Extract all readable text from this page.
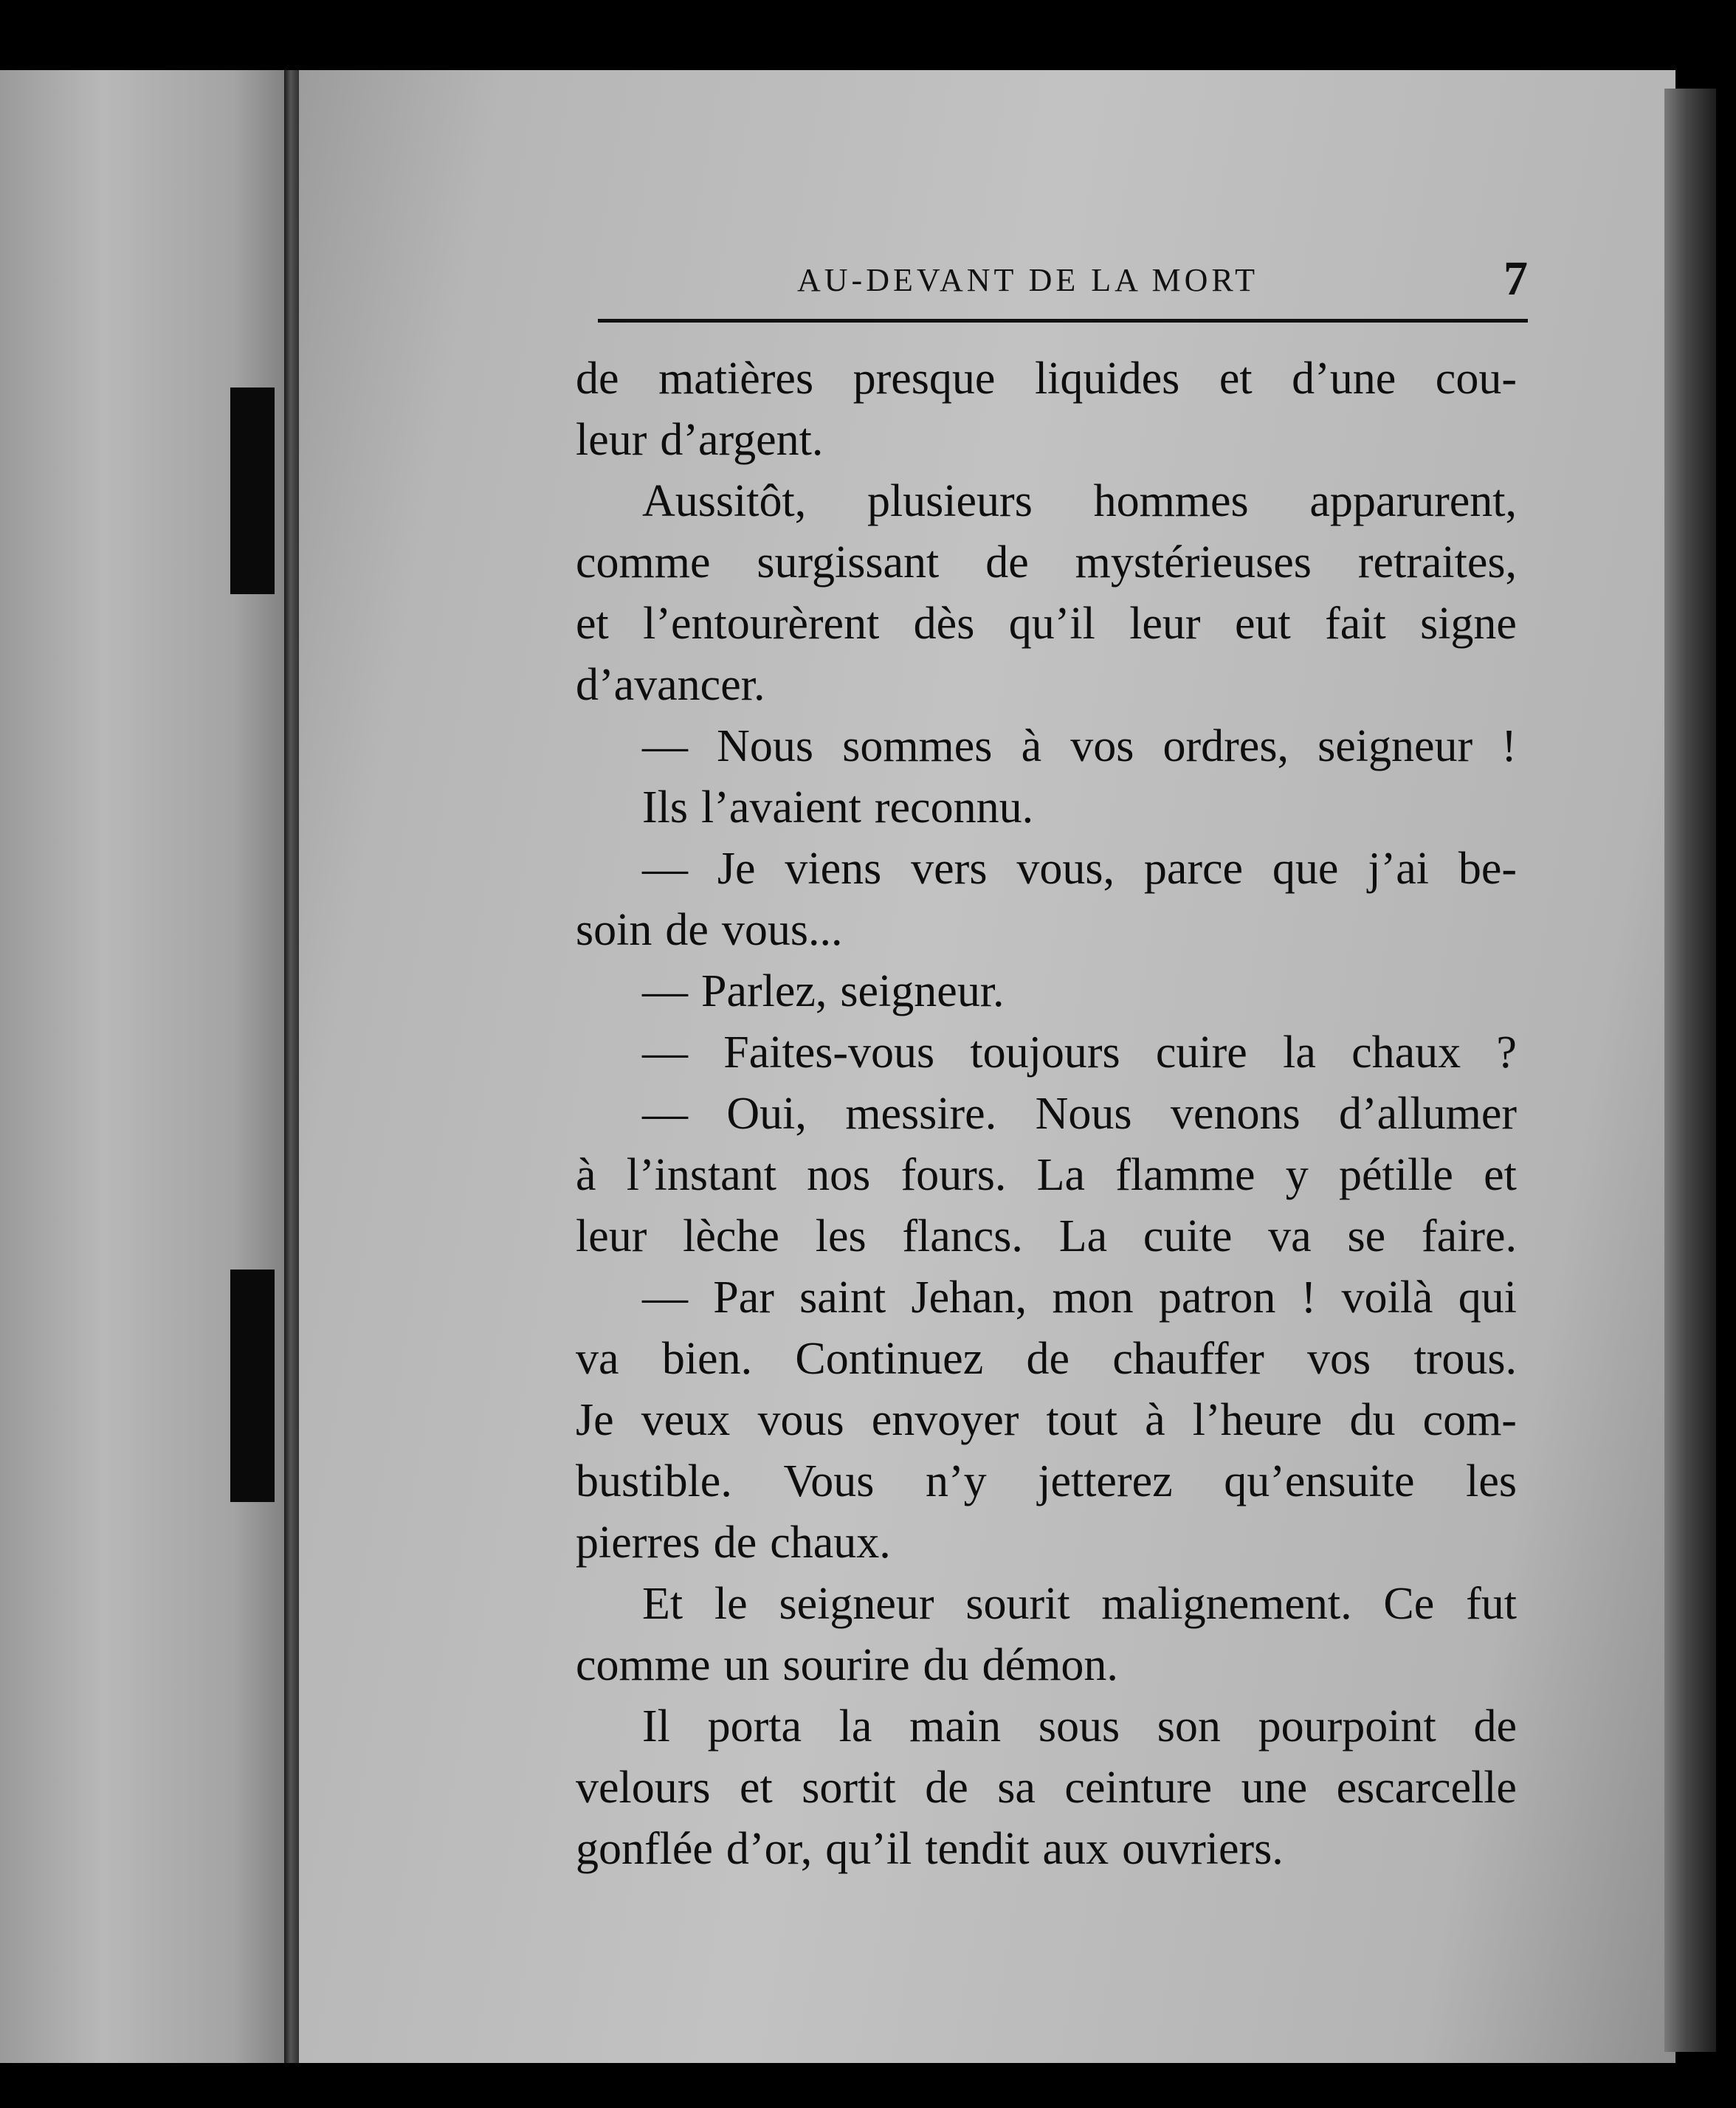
AU-DEVANT DE LA MORT	7
de matières presque liquides et d’une cou-
leur d’argent.
Aussitôt, plusieurs hommes apparurent,
comme surgissant de mystérieuses retraites,
et l’entourèrent dès qu’il leur eut fait signe
d’avancer.
— Nous sommes à vos ordres, seigneur !
Ils l’avaient reconnu.
— Je viens vers vous, parce que j’ai be-
soin de vous...
— Parlez, seigneur.
— Faites-vous toujours cuire la chaux ?
— Oui, messire. Nous venons d’allumer
à l’instant nos fours. La flamme y pétille et
leur lèche les flancs. La cuite va se faire.
— Par saint Jehan, mon patron ! voilà qui
va bien. Continuez de chauffer vos trous.
Je veux vous envoyer tout à l’heure du com-
bustible. Vous n’y jetterez qu’ensuite les
pierres de chaux.
Et le seigneur sourit malignement. Ce fut
comme un sourire du démon.
Il porta la main sous son pourpoint de
velours et sortit de sa ceinture une escarcelle
gonflée d’or, qu’il tendit aux ouvriers.
